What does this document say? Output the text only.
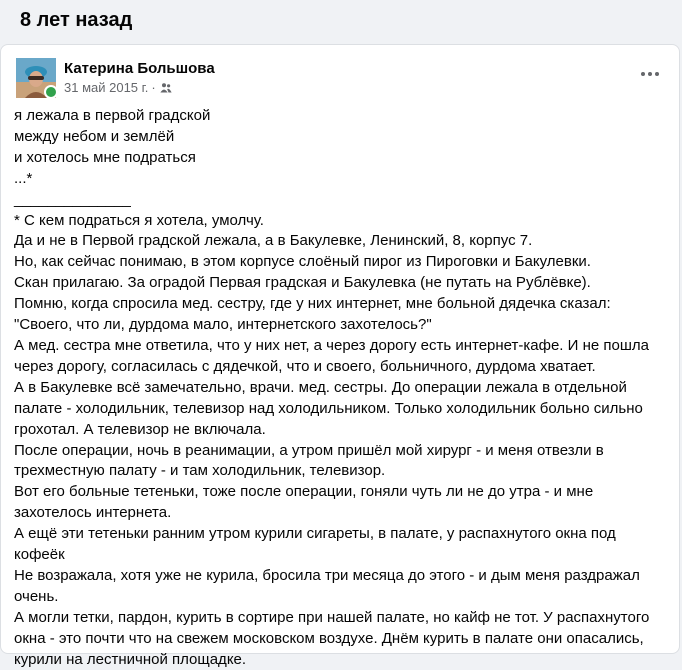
8 лет назад
Катерина Большова
31 май 2015 г. ·
я лежала в первой градской
между небом и землёй
и хотелось мне подраться
...*
______________
* С кем подраться я хотела, умолчу.
Да и не в Первой градской лежала, а в Бакулевке, Ленинский, 8, корпус 7.
Но, как сейчас понимаю, в этом корпусе слоёный пирог из Пироговки и Бакулевки.
Скан прилагаю. За оградой Первая градская и Бакулевка (не путать на Рублёвке).
Помню, когда спросила мед. сестру, где у них интернет, мне больной дядечка сказал:
"Своего, что ли, дурдома мало, интернетского захотелось?"
А мед. сестра мне ответила, что у них нет, а через дорогу есть интернет-кафе. И не пошла
через дорогу, согласилась с дядечкой, что и своего, больничного, дурдома хватает.
А в Бакулевке всё замечательно, врачи. мед. сестры. До операции лежала в отдельной
палате - холодильник, телевизор над холодильником. Только холодильник больно сильно
грохотал. А телевизор не включала.
После операции, ночь в реанимации, а утром пришёл мой хирург - и меня отвезли в
трехместную палату - и там холодильник, телевизор.
Вот его больные тетеньки, тоже после операции, гоняли чуть ли не до утра - и мне
захотелось интернета.
А ещё эти тетеньки ранним утром курили сигареты, в палате, у распахнутого окна под
кофеёк
Не возражала, хотя уже не курила, бросила три месяца до этого - и дым меня раздражал
очень.
А могли тетки, пардон, курить в сортире при нашей палате, но кайф не тот. У распахнутого
окна - это почти что на свежем московском воздухе. Днём курить в палате они опасались,
курили на лестничной площадке.
